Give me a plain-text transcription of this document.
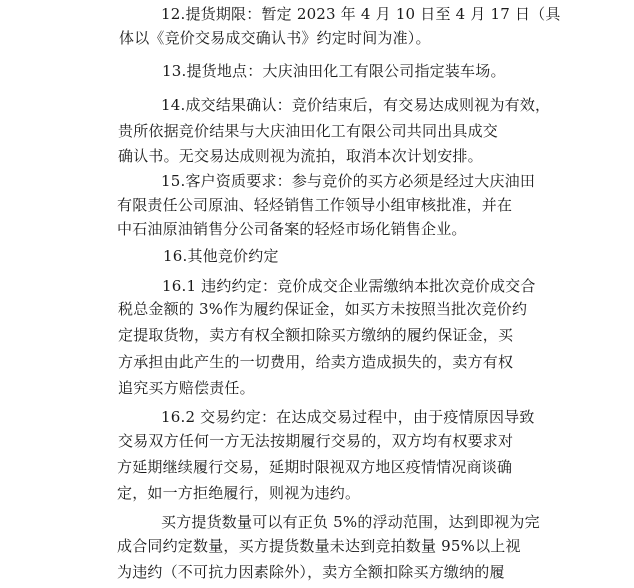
12.提货期限：暂定 2023 年 4 月 10 日至 4 月 17 日（具
体以《竞价交易成交确认书》约定时间为准）。
13.提货地点：大庆油田化工有限公司指定装车场。
14.成交结果确认：竞价结束后，有交易达成则视为有效，
贵所依据竞价结果与大庆油田化工有限公司共同出具成交
确认书。无交易达成则视为流拍，取消本次计划安排。
15.客户资质要求：参与竞价的买方必须是经过大庆油田
有限责任公司原油、轻烃销售工作领导小组审核批准，并在
中石油原油销售分公司备案的轻烃市场化销售企业。
16.其他竞价约定
16.1 违约约定：竞价成交企业需缴纳本批次竞价成交合
税总金额的 3%作为履约保证金，如买方未按照当批次竞价约
定提取货物，卖方有权全额扣除买方缴纳的履约保证金，买
方承担由此产生的一切费用，给卖方造成损失的，卖方有权
追究买方赔偿责任。
16.2 交易约定：在达成交易过程中，由于疫情原因导致
交易双方任何一方无法按期履行交易的，双方均有权要求对
方延期继续履行交易，延期时限视双方地区疫情情况商谈确
定，如一方拒绝履行，则视为违约。
买方提货数量可以有正负 5%的浮动范围，达到即视为完
成合同约定数量，买方提货数量未达到竞拍数量 95%以上视
为违约（不可抗力因素除外），卖方全额扣除买方缴纳的履
